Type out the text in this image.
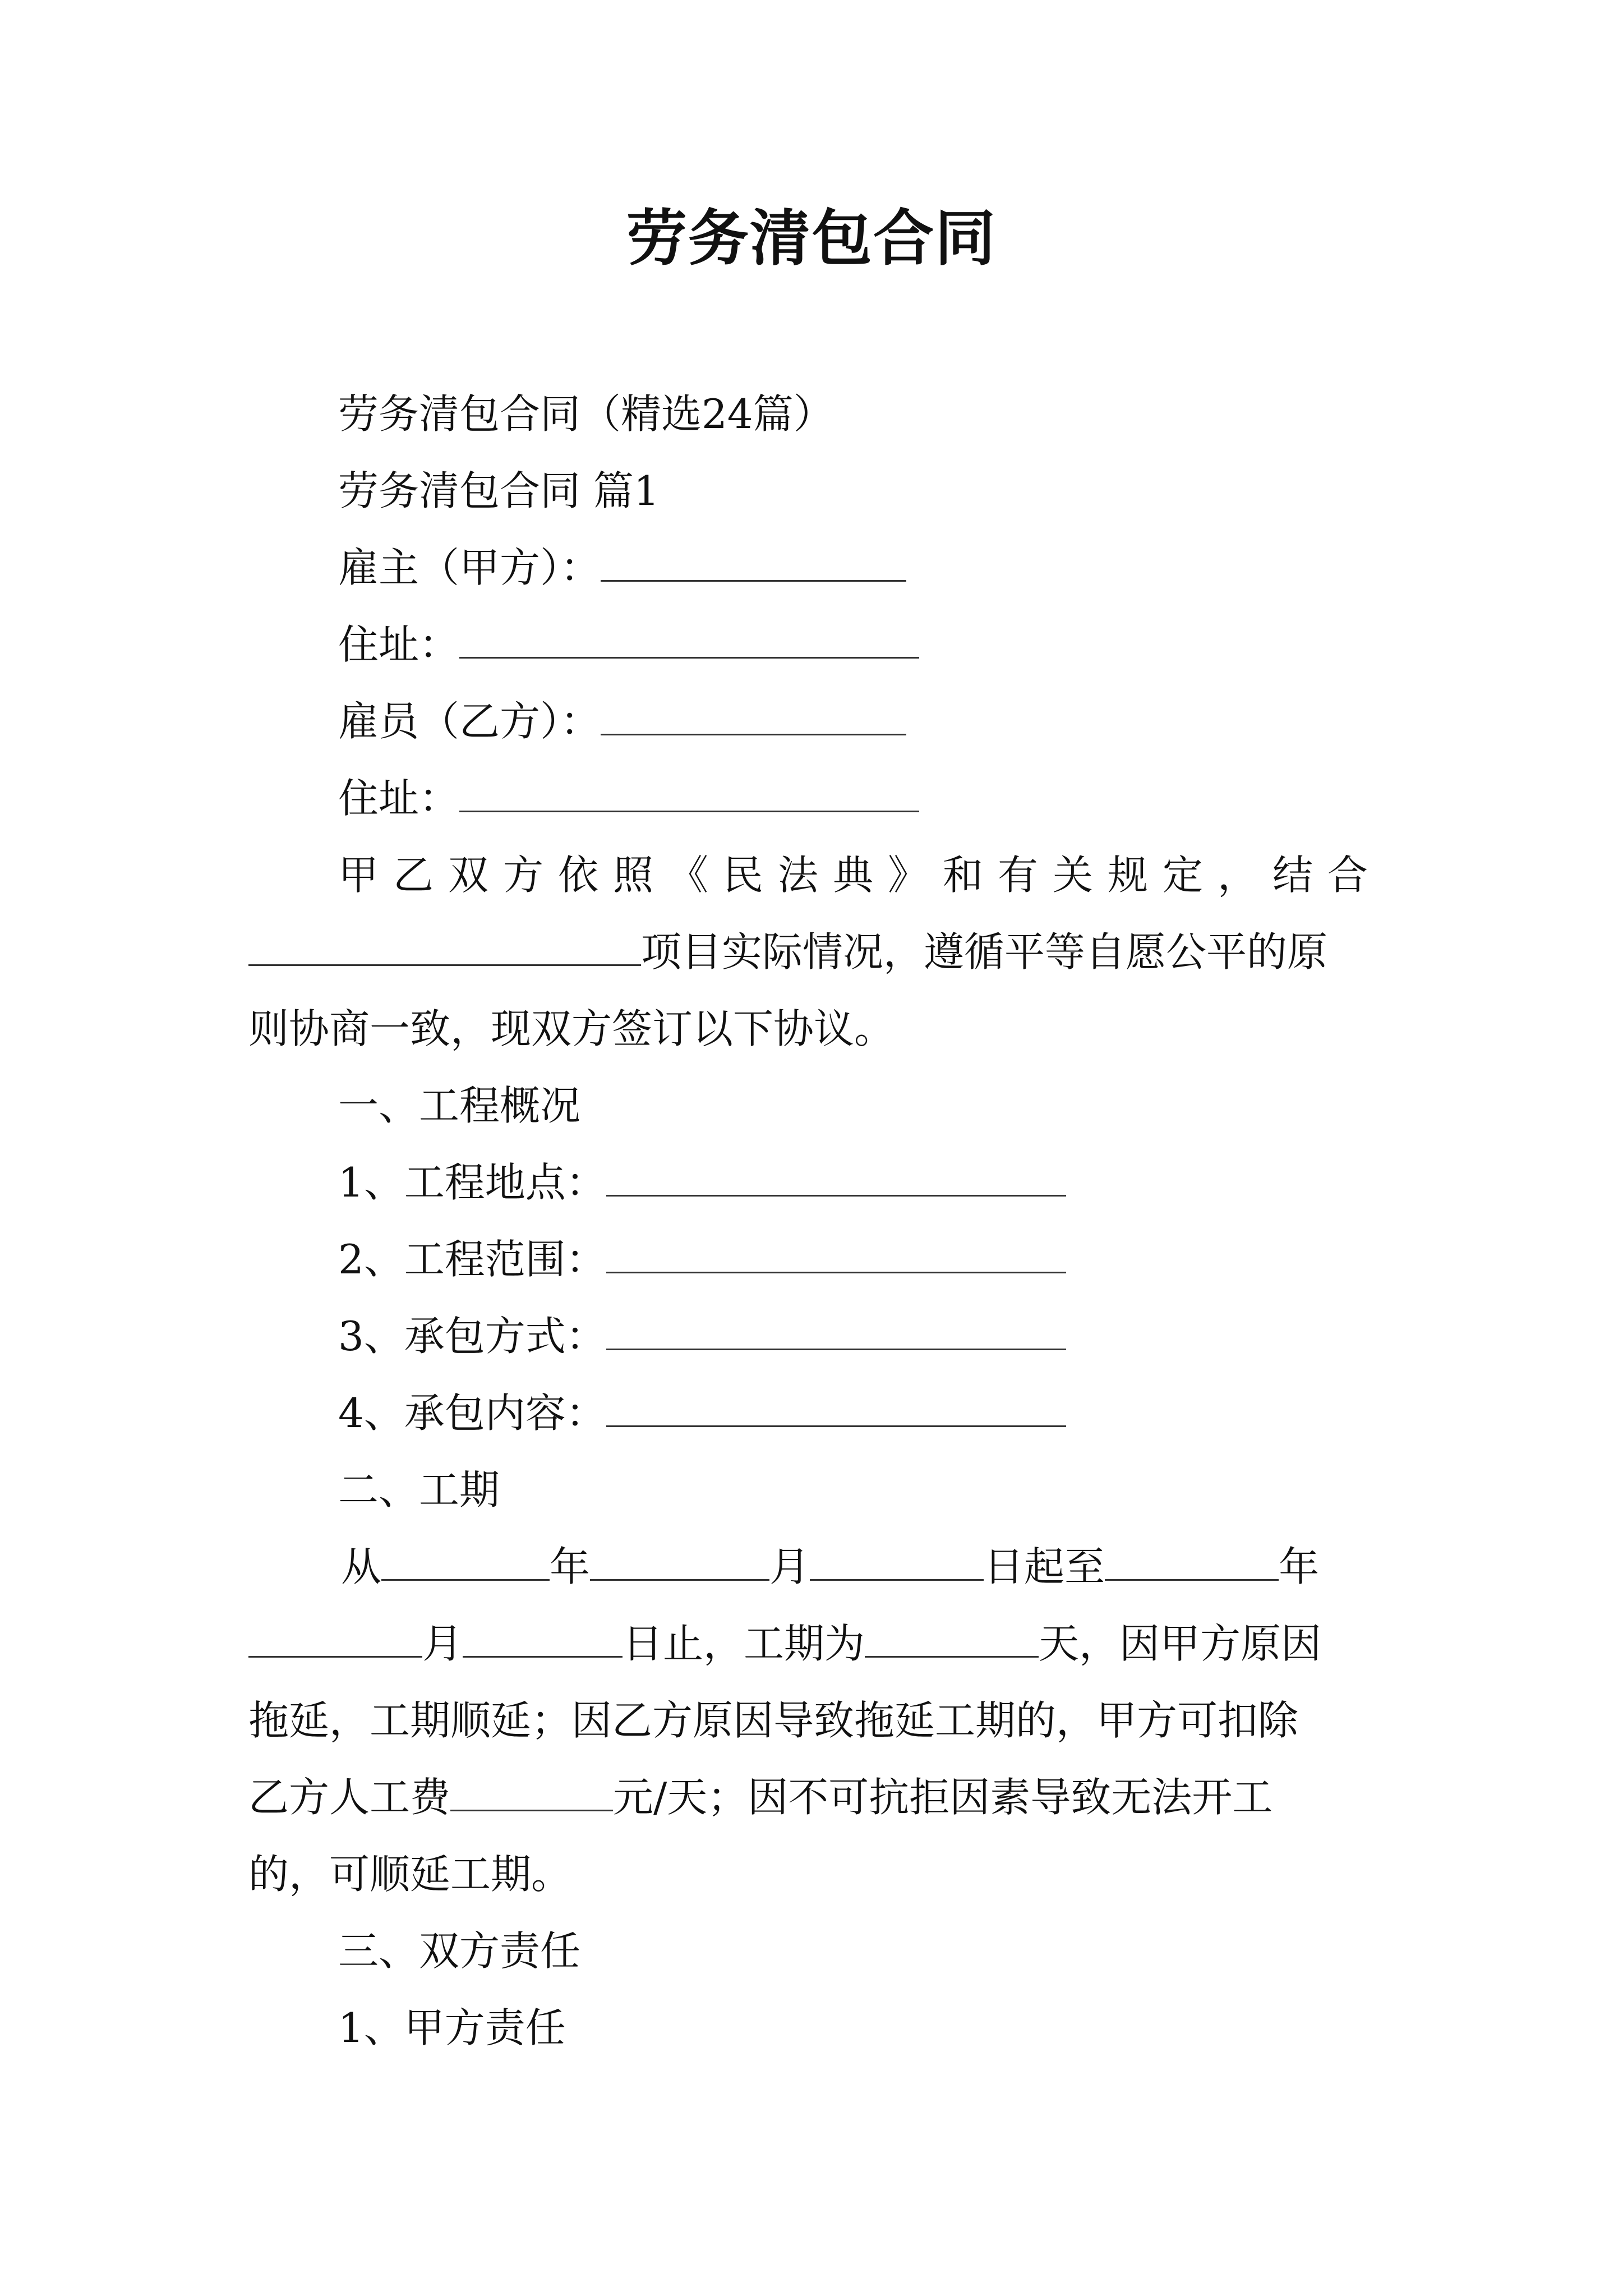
劳务清包合同

劳务清包合同（精选24篇）

劳务清包合同 篇1

雇主（甲方）：

住址：

雇员（乙方）：

住址：

甲乙双方依照《民法典》和有关规定，结合

项目实际情况，遵循平等自愿公平的原

则协商一致，现双方签订以下协议。

一、工程概况

1、工程地点：

2、工程范围：

3、承包方式：

4、承包内容：

二、工期

从	年	月	日起至	年

月	日止，工期为	天，因甲方原因

拖延，工期顺延；因乙方原因导致拖延工期的，甲方可扣除

乙方人工费	元/天；因不可抗拒因素导致无法开工

的，可顺延工期。

三、双方责任

1、甲方责任
